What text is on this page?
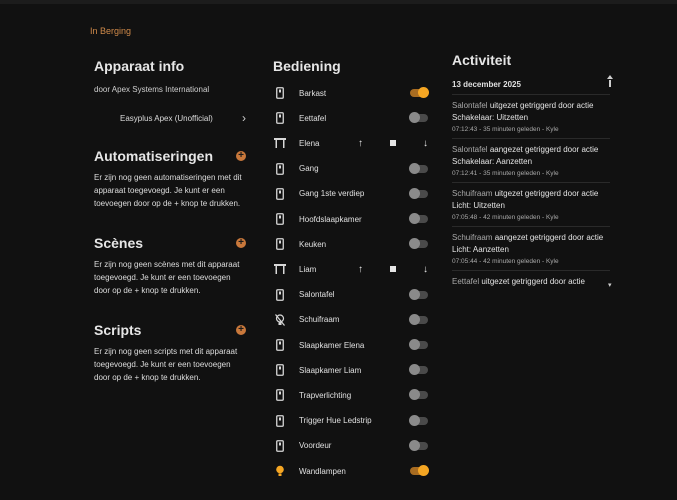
In Berging
Apparaat info
door Apex Systems International
Easyplus Apex (Unofficial) ›
Automatiseringen	+
Er zijn nog geen automatiseringen met dit apparaat toegevoegd. Je kunt er een toevoegen door op de + knop te drukken.
Scènes	+
Er zijn nog geen scènes met dit apparaat toegevoegd. Je kunt er een toevoegen door op de + knop te drukken.
Scripts	+
Er zijn nog geen scripts met dit apparaat toegevoegd. Je kunt er een toevoegen door op de + knop te drukken.
Bediening
Barkast
Eettafel
Elena	↑	↓
Gang
Gang 1ste verdiep
Hoofdslaapkamer
Keuken
Liam	↑	↓
Salontafel
Schuifraam
Slaapkamer Elena
Slaapkamer Liam
Trapverlichting
Trigger Hue Ledstrip
Voordeur
Wandlampen
Activiteit
13 december 2025
Salontafel uitgezet getriggerd door actie Schakelaar: Uitzetten
07:12:43 - 35 minuten geleden - Kyle
Salontafel aangezet getriggerd door actie Schakelaar: Aanzetten
07:12:41 - 35 minuten geleden - Kyle
Schuifraam uitgezet getriggerd door actie Licht: Uitzetten
07:05:48 - 42 minuten geleden - Kyle
Schuifraam aangezet getriggerd door actie Licht: Aanzetten
07:05:44 - 42 minuten geleden - Kyle
Eettafel uitgezet getriggerd door actie	▾
